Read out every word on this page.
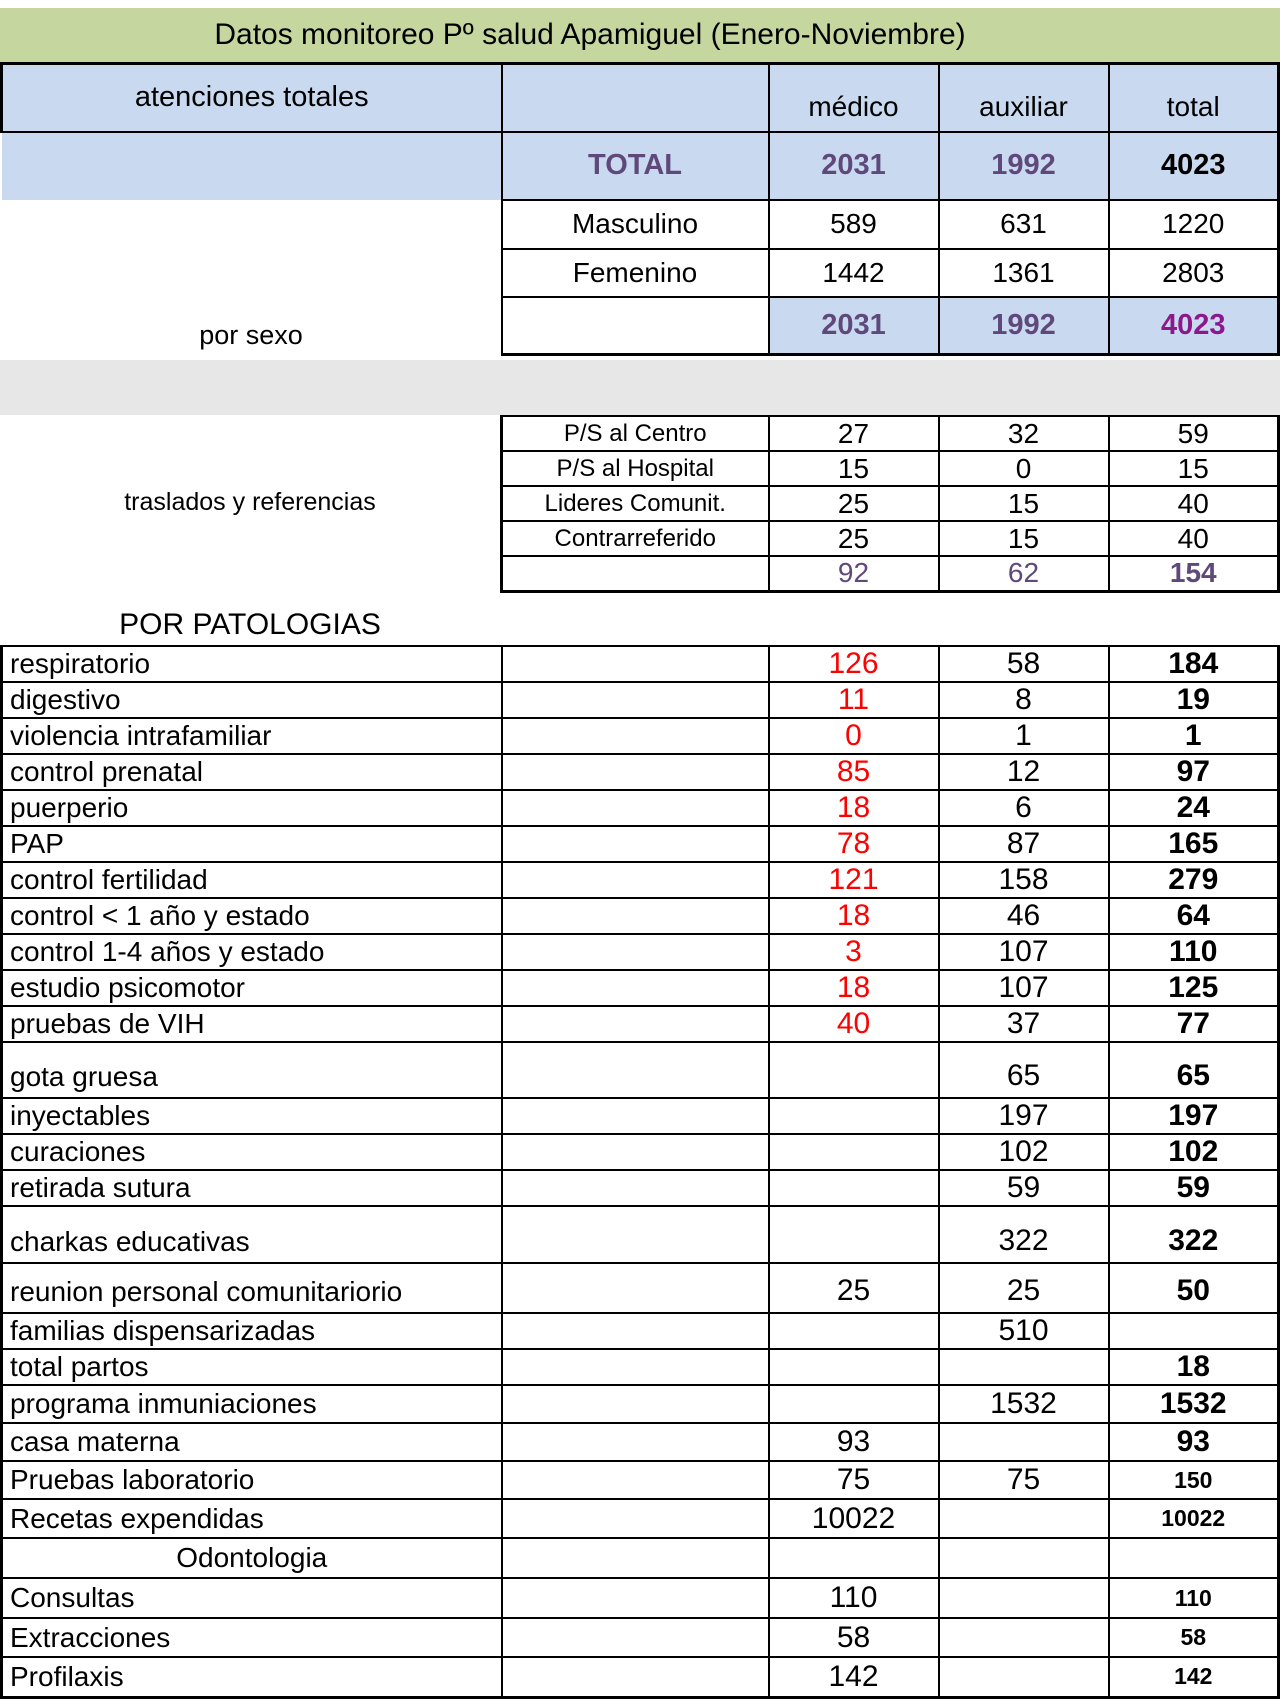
Datos monitoreo Pº salud Apamiguel (Enero-Noviembre)
atenciones totales		médico	auxiliar	total
	TOTAL	2031	1992	4023
por sexo	Masculino	589	631	1220
	Femenino	1442	1361	2803
		2031	1992	4023
traslados y referencias
P/S al Centro	27	32	59
P/S al Hospital	15	0	15
Lideres Comunit.	25	15	40
Contrarreferido	25	15	40
	92	62	154
POR PATOLOGIAS
respiratorio		126	58	184
digestivo		11	8	19
violencia intrafamiliar		0	1	1
control prenatal		85	12	97
puerperio		18	6	24
PAP		78	87	165
control fertilidad		121	158	279
control < 1 año y estado		18	46	64
control 1-4 años y estado		3	107	110
estudio psicomotor		18	107	125
pruebas de VIH		40	37	77
gota gruesa			65	65
inyectables			197	197
curaciones			102	102
retirada sutura			59	59
charkas educativas			322	322
reunion personal comunitariorio		25	25	50
familias dispensarizadas			510	
total partos				18
programa inmuniaciones			1532	1532
casa materna		93		93
Pruebas laboratorio		75	75	150
Recetas expendidas		10022		10022
Odontologia				
Consultas		110		110
Extracciones		58		58
Profilaxis		142		142
